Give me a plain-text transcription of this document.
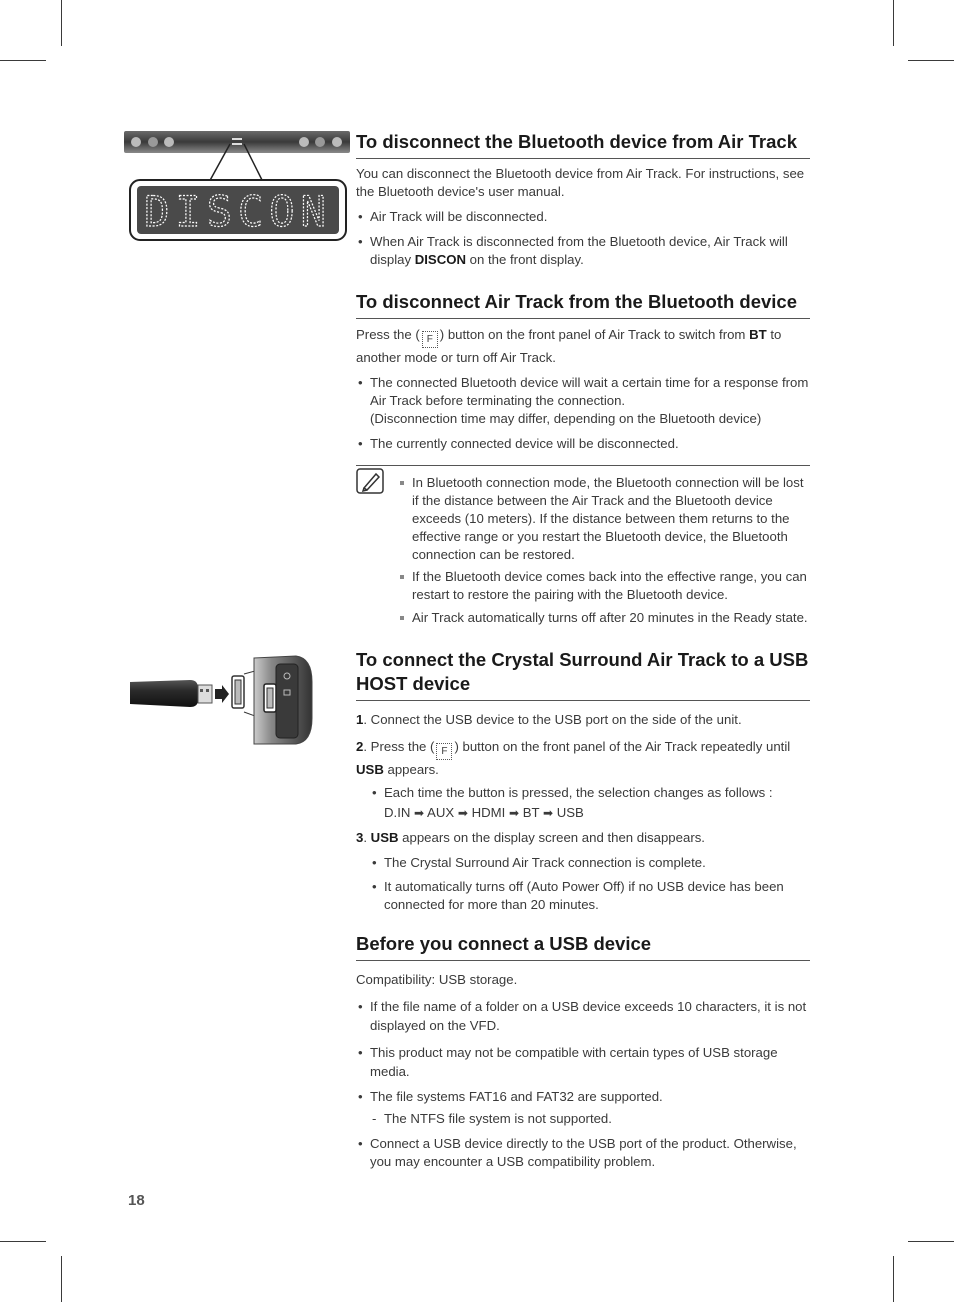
DISCON
To disconnect the Bluetooth device from Air Track

You can disconnect the Bluetooth device from Air Track. For instructions, see the Bluetooth device's user manual.

• Air Track will be disconnected.
• When Air Track is disconnected from the Bluetooth device, Air Track will display DISCON on the front display.
To disconnect Air Track from the Bluetooth device

Press the ( F ) button on the front panel of Air Track to switch from BT to another mode or turn off Air Track.

• The connected Bluetooth device will wait a certain time for a response from Air Track before terminating the connection.
(Disconnection time may differ, depending on the Bluetooth device)
• The currently connected device will be disconnected.
In Bluetooth connection mode, the Bluetooth connection will be lost if the distance between the Air Track and the Bluetooth device exceeds (10 meters). If the distance between them returns to the effective range or you restart the Bluetooth device, the Bluetooth connection can be restored.
If the Bluetooth device comes back into the effective range, you can restart to restore the pairing with the Bluetooth device.
Air Track automatically turns off after 20 minutes in the Ready state.
To connect the Crystal Surround Air Track to a USB HOST device

1. Connect the USB device to the USB port on the side of the unit.

2. Press the ( F ) button on the front panel of the Air Track repeatedly until USB appears.

• Each time the button is pressed, the selection changes as follows :
D.IN ➡ AUX ➡ HDMI ➡ BT ➡ USB

3. USB appears on the display screen and then disappears.

• The Crystal Surround Air Track connection is complete.
• It automatically turns off (Auto Power Off) if no USB device has been connected for more than 20 minutes.
Before you connect a USB device

Compatibility: USB storage.

• If the file name of a folder on a USB device exceeds 10 characters, it is not displayed on the VFD.
• This product may not be compatible with certain types of USB storage media.
• The file systems FAT16 and FAT32 are supported.
- The NTFS file system is not supported.
• Connect a USB device directly to the USB port of the product. Otherwise, you may encounter a USB compatibility problem.
18
